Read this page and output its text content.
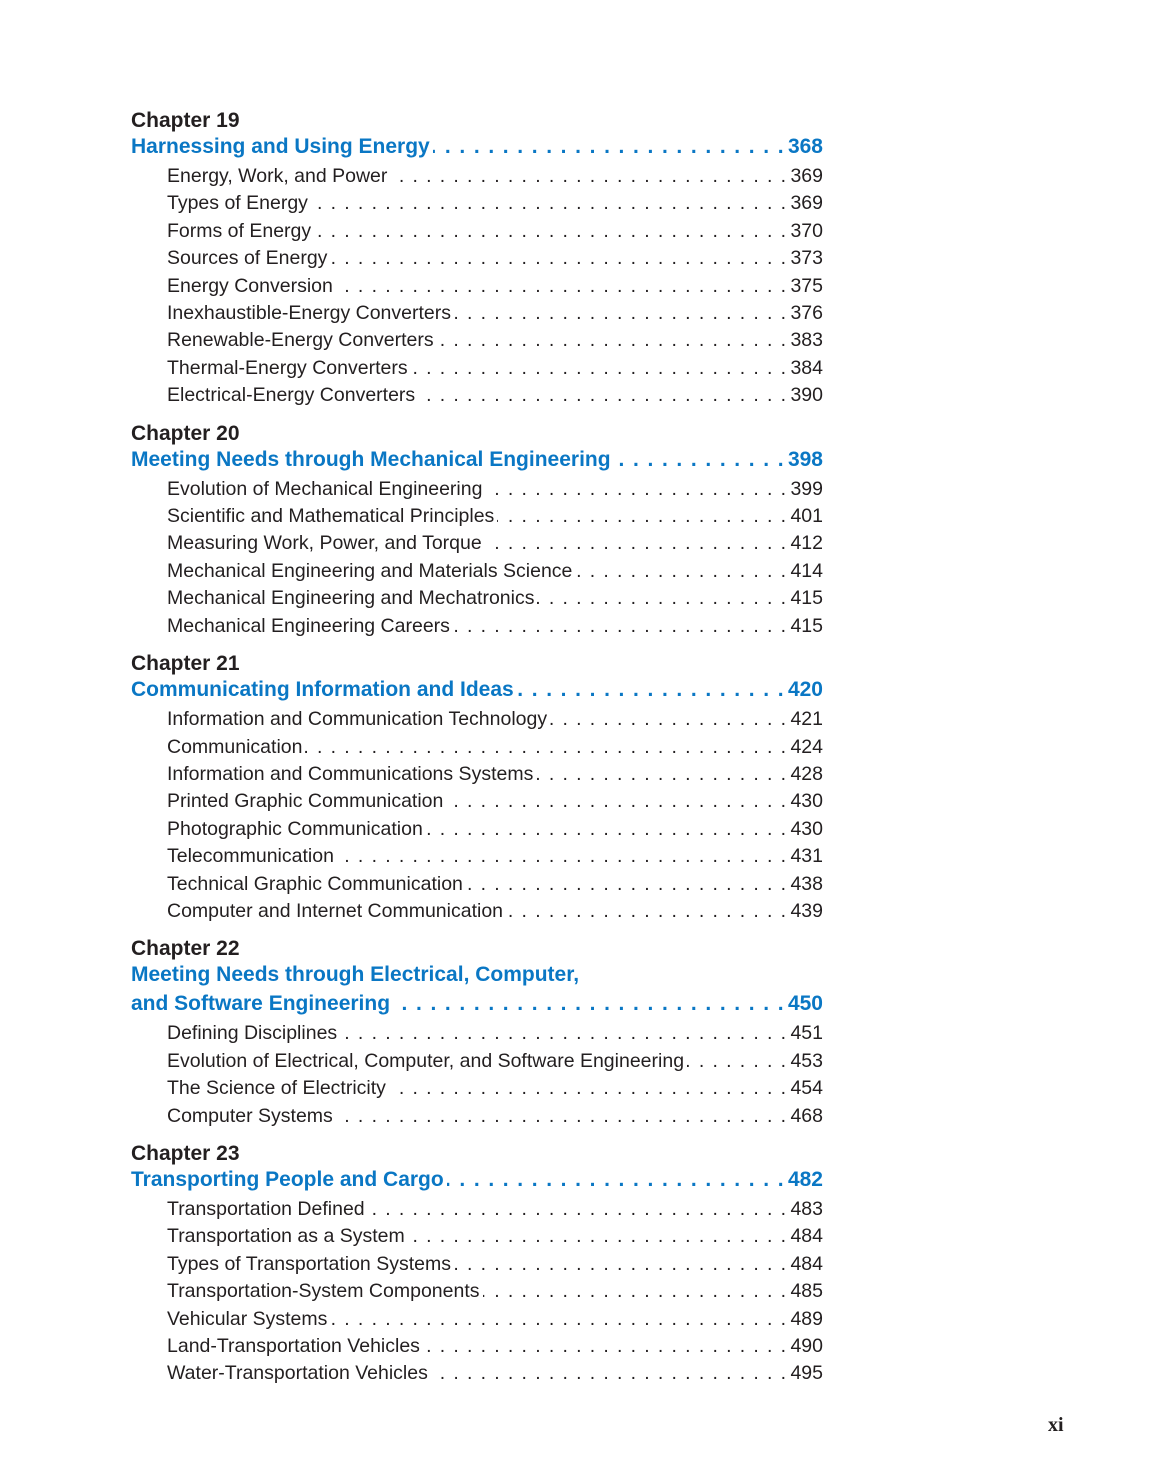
Chapter 19
Harnessing and Using Energy . . .	368
Energy, Work, and Power . . .	369
Types of Energy . . .	369
Forms of Energy . . .	370
Sources of Energy . . .	373
Energy Conversion . . .	375
Inexhaustible-Energy Converters . . .	376
Renewable-Energy Converters . . .	383
Thermal-Energy Converters . . .	384
Electrical-Energy Converters . . .	390
Chapter 20
Meeting Needs through Mechanical Engineering . . .	398
Evolution of Mechanical Engineering . . .	399
Scientific and Mathematical Principles . . .	401
Measuring Work, Power, and Torque . . .	412
Mechanical Engineering and Materials Science . . .	414
Mechanical Engineering and Mechatronics . . .	415
Mechanical Engineering Careers . . .	415
Chapter 21
Communicating Information and Ideas . . .	420
Information and Communication Technology . . .	421
Communication . . .	424
Information and Communications Systems . . .	428
Printed Graphic Communication . . .	430
Photographic Communication . . .	430
Telecommunication . . .	431
Technical Graphic Communication . . .	438
Computer and Internet Communication . . .	439
Chapter 22
Meeting Needs through Electrical, Computer,
and Software Engineering . . .	450
Defining Disciplines . . .	451
Evolution of Electrical, Computer, and Software Engineering . . .	453
The Science of Electricity . . .	454
Computer Systems . . .	468
Chapter 23
Transporting People and Cargo . . .	482
Transportation Defined . . .	483
Transportation as a System . . .	484
Types of Transportation Systems . . .	484
Transportation-System Components . . .	485
Vehicular Systems . . .	489
Land-Transportation Vehicles . . .	490
Water-Transportation Vehicles . . .	495
xi
